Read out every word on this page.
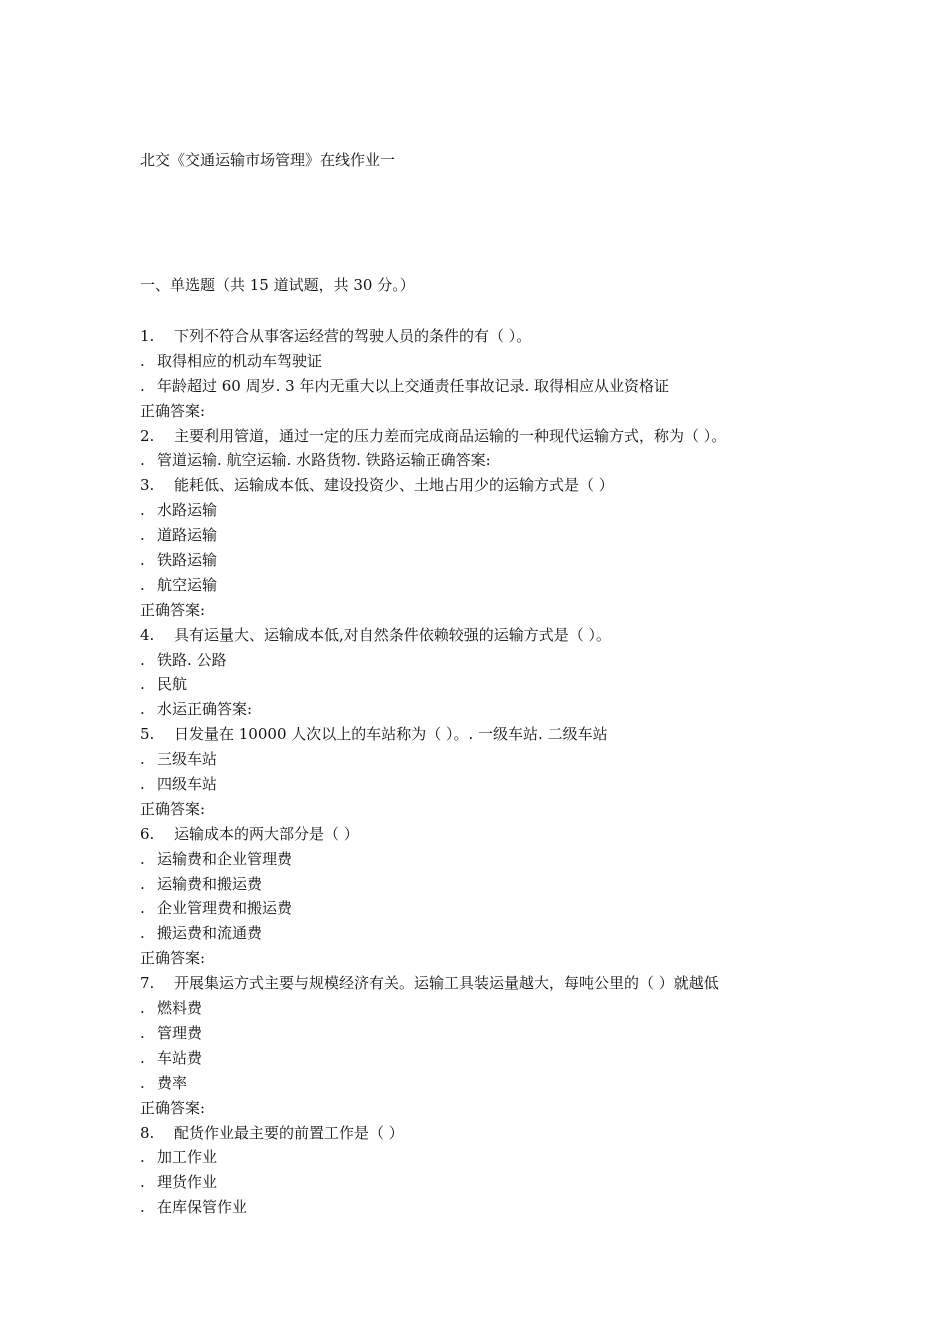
北交《交通运输市场管理》在线作业一
一、单选题（共 15 道试题，共 30 分。）
1. 下列不符合从事客运经营的驾驶人员的条件的有（ ）。
. 取得相应的机动车驾驶证
. 年龄超过 60 周岁. 3 年内无重大以上交通责任事故记录. 取得相应从业资格证
正确答案:
2. 主要利用管道，通过一定的压力差而完成商品运输的一种现代运输方式，称为（ ）。
. 管道运输. 航空运输. 水路货物. 铁路运输正确答案:
3. 能耗低、运输成本低、建设投资少、土地占用少的运输方式是（ ）
. 水路运输
. 道路运输
. 铁路运输
. 航空运输
正确答案:
4. 具有运量大、运输成本低,对自然条件依赖较强的运输方式是（ ）。
. 铁路. 公路
. 民航
. 水运正确答案:
5. 日发量在 10000 人次以上的车站称为（ ）。. 一级车站. 二级车站
. 三级车站
. 四级车站
正确答案:
6. 运输成本的两大部分是（ ）
. 运输费和企业管理费
. 运输费和搬运费
. 企业管理费和搬运费
. 搬运费和流通费
正确答案:
7. 开展集运方式主要与规模经济有关。运输工具装运量越大，每吨公里的（ ）就越低
. 燃料费
. 管理费
. 车站费
. 费率
正确答案:
8. 配货作业最主要的前置工作是（ ）
. 加工作业
. 理货作业
. 在库保管作业
